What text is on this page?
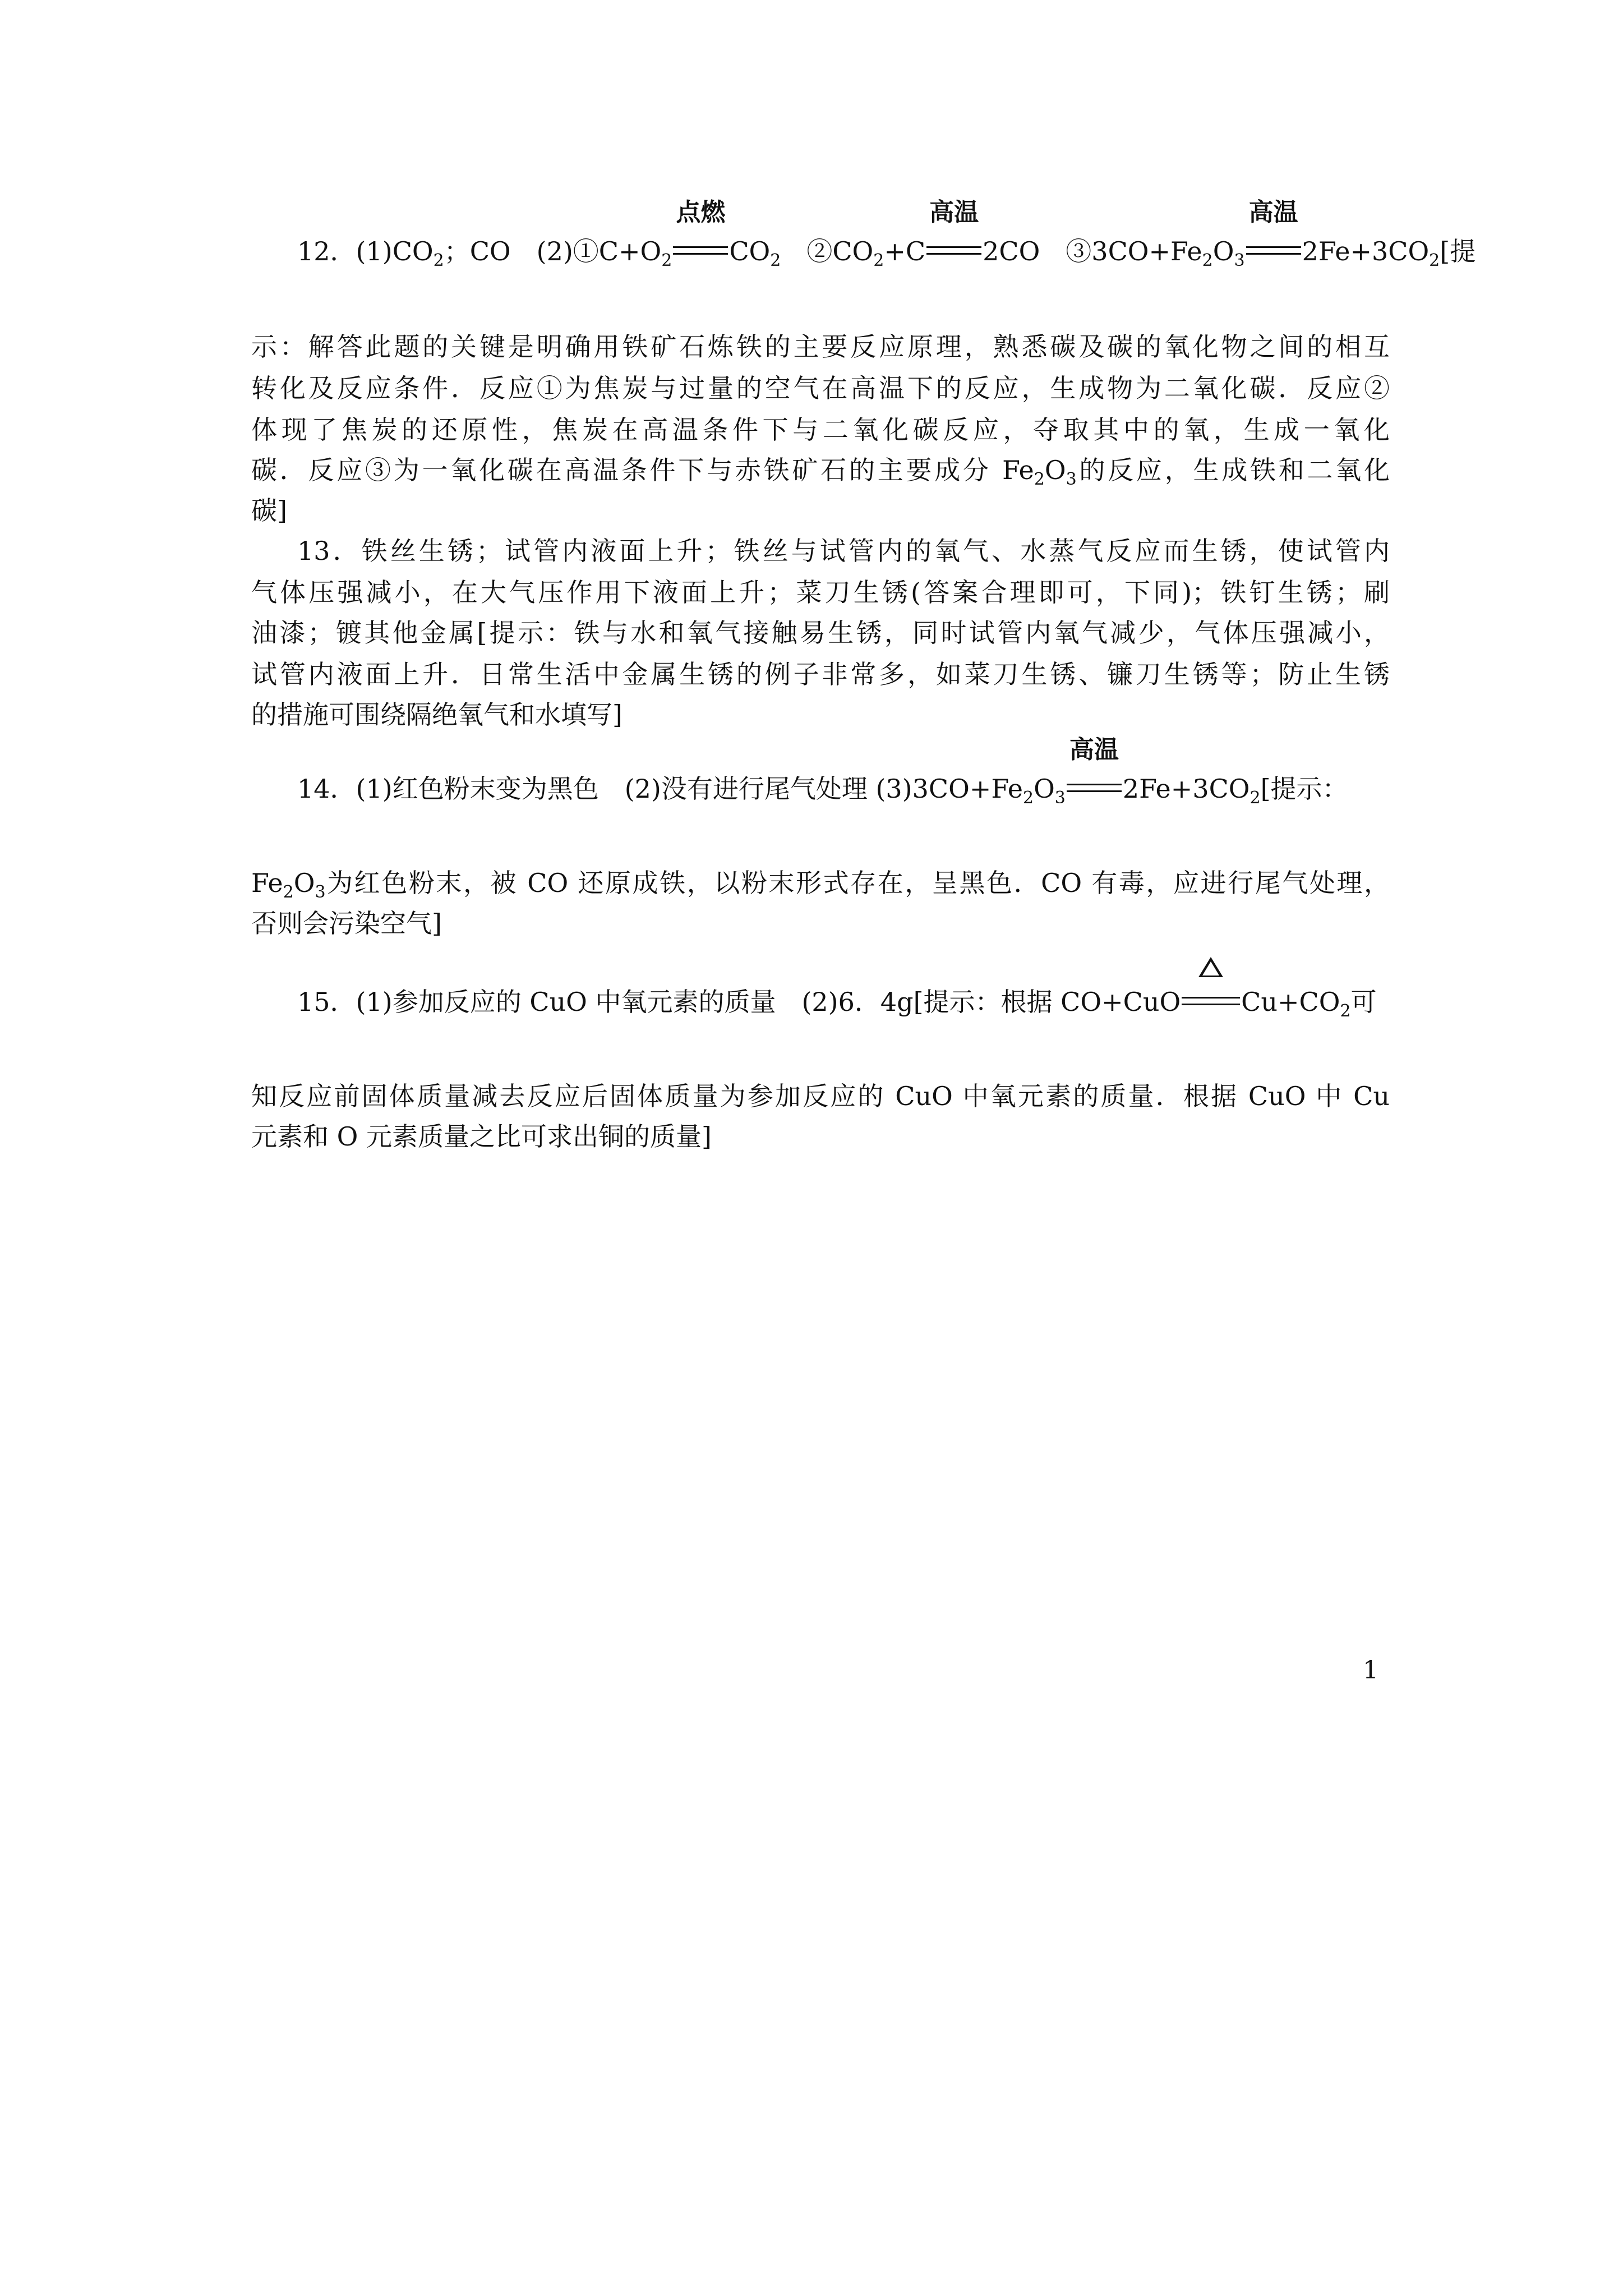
12．$(1)CO_2$；CO　$(2)①C+O_2$
点燃
$CO_2$　$②CO_2+C$
高温
2CO　$③3CO+Fe_2O_3$
高温
$2Fe+3CO_2$[提
示：解答此题的关键是明确用铁矿石炼铁的主要反应原理，熟悉碳及碳的氧化物之间的相互
转化及反应条件．反应①为焦炭与过量的空气在高温下的反应，生成物为二氧化碳．反应②
体现了焦炭的还原性，焦炭在高温条件下与二氧化碳反应，夺取其中的氧，生成一氧化
碳．反应③为一氧化碳在高温条件下与赤铁矿石的主要成分 $Fe_2O_3$的反应，生成铁和二氧化
碳]
13．铁丝生锈；试管内液面上升；铁丝与试管内的氧气、水蒸气反应而生锈，使试管内
气体压强减小，在大气压作用下液面上升；菜刀生锈(答案合理即可，下同)；铁钉生锈；刷
油漆；镀其他金属[提示：铁与水和氧气接触易生锈，同时试管内氧气减少，气体压强减小，
试管内液面上升．日常生活中金属生锈的例子非常多，如菜刀生锈、镰刀生锈等；防止生锈
的措施可围绕隔绝氧气和水填写]
14．(1)红色粉末变为黑色　(2)没有进行尾气处理 $(3)3CO+Fe_2O_3$
高温
$2Fe+3CO_2$[提示：
$Fe_2O_3$为红色粉末，被 CO 还原成铁，以粉末形式存在，呈黑色．CO 有毒，应进行尾气处理，
否则会污染空气]
15．(1)参加反应的 CuO 中氧元素的质量　(2)6．4g[提示：根据 CO+CuO $Cu+CO_2$可
知反应前固体质量减去反应后固体质量为参加反应的 CuO 中氧元素的质量．根据 CuO 中 Cu
元素和 O 元素质量之比可求出铜的质量]
1
